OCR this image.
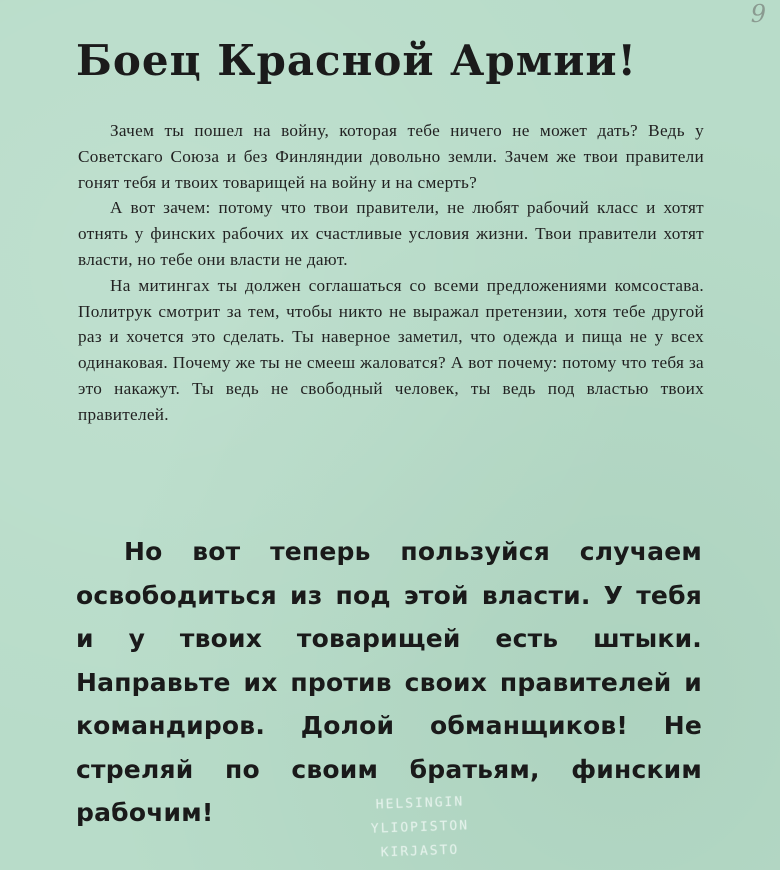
9
Боец Красной Армии!

Зачем ты пошел на войну, которая тебе ничего не может дать? Ведь у Советскаго Союза и без Финляндии довольно земли. Зачем же твои правители гонят тебя и твоих товарищей на войну и на смерть?

А вот зачем: потому что твои правители, не любят рабочий класс и хотят отнять у финских рабочих их счастливые условия жизни. Твои правители хотят власти, но тебе они власти не дают.

На митингах ты должен соглашаться со всеми предложениями комсостава. Политрук смотрит за тем, чтобы никто не выражал претензии, хотя тебе другой раз и хочется это сделать. Ты наверное заметил, что одежда и пища не у всех одинаковая. Почему же ты не смееш жаловатся? А вот почему: потому что тебя за это накажут. Ты ведь не свободный человек, ты ведь под властью твоих правителей.

Но вот теперь пользуйся случаем освободиться из под этой власти. У тебя и у твоих товарищей есть штыки. Направьте их против своих правителей и командиров. Долой обманщиков! Не стреляй по своим братьям, финским рабочим!	HELSINGIN
YLIOPISTON
KIRJASTO
